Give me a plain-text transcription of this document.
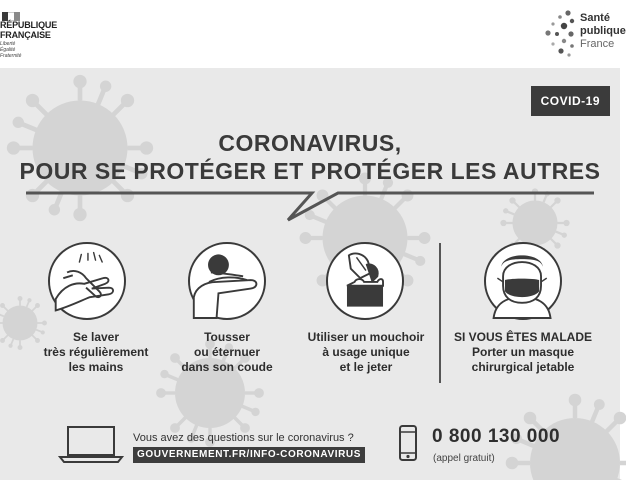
RÉPUBLIQUE
FRANÇAISE
Liberté
Égalité
Fraternité
Santé
publique
France
COVID-19
CORONAVIRUS,
POUR SE PROTÉGER ET PROTÉGER LES AUTRES
Se laver
très régulièrement
les mains
Tousser
ou éternuer
dans son coude
Utiliser un mouchoir
à usage unique
et le jeter
SI VOUS ÊTES MALADE
Porter un masque
chirurgical jetable
Vous avez des questions sur le coronavirus ?
GOUVERNEMENT.FR/INFO-CORONAVIRUS
0 800 130 000
(appel gratuit)
